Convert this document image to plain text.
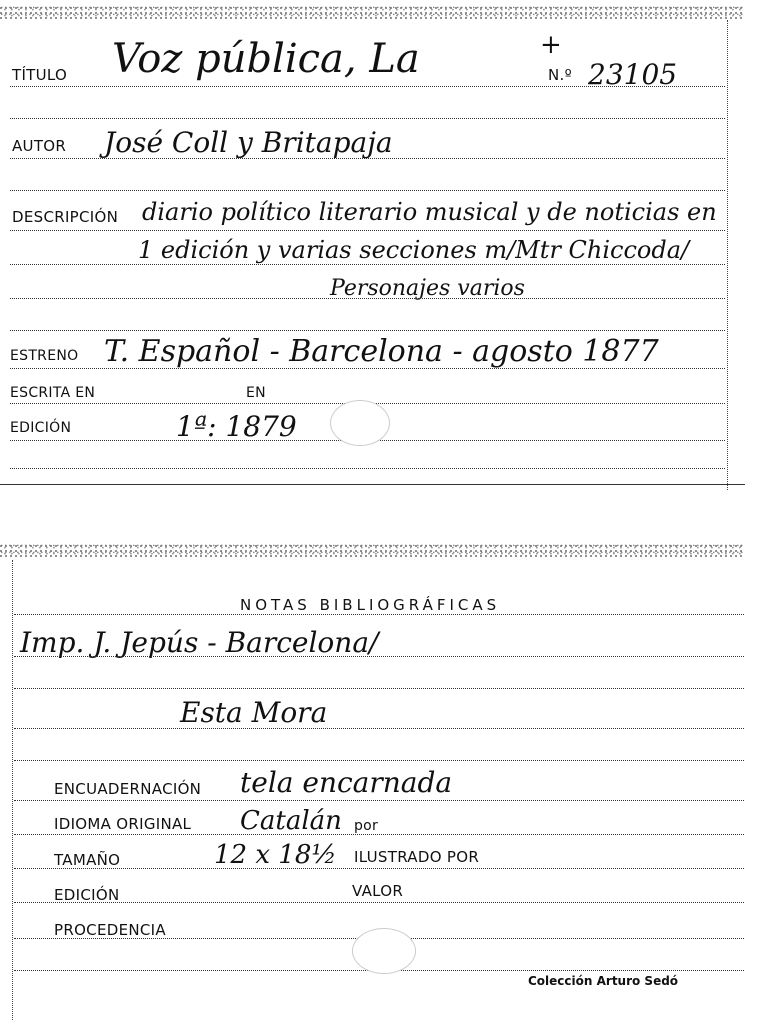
TÍTULO Voz pública, La	N.º 23105
+
AUTOR José Coll y Britapaja
DESCRIPCIÓN diario político literario musical y de noticias en
1 edición y varias secciones m/Mtr Chiccoda/
Personajes varios
ESTRENO T. Español - Barcelona - agosto 1877
ESCRITA EN	EN
EDICIÓN	1ª: 1879
NOTAS BIBLIOGRÁFICAS
Imp. J. Jepús - Barcelona/
Esta Mora
ENCUADERNACIÓN tela encarnada
IDIOMA ORIGINAL Catalán por
TAMAÑO	12 x 18½ ILUSTRADO POR
EDICIÓN	VALOR
PROCEDENCIA
Colección Arturo Sedó
